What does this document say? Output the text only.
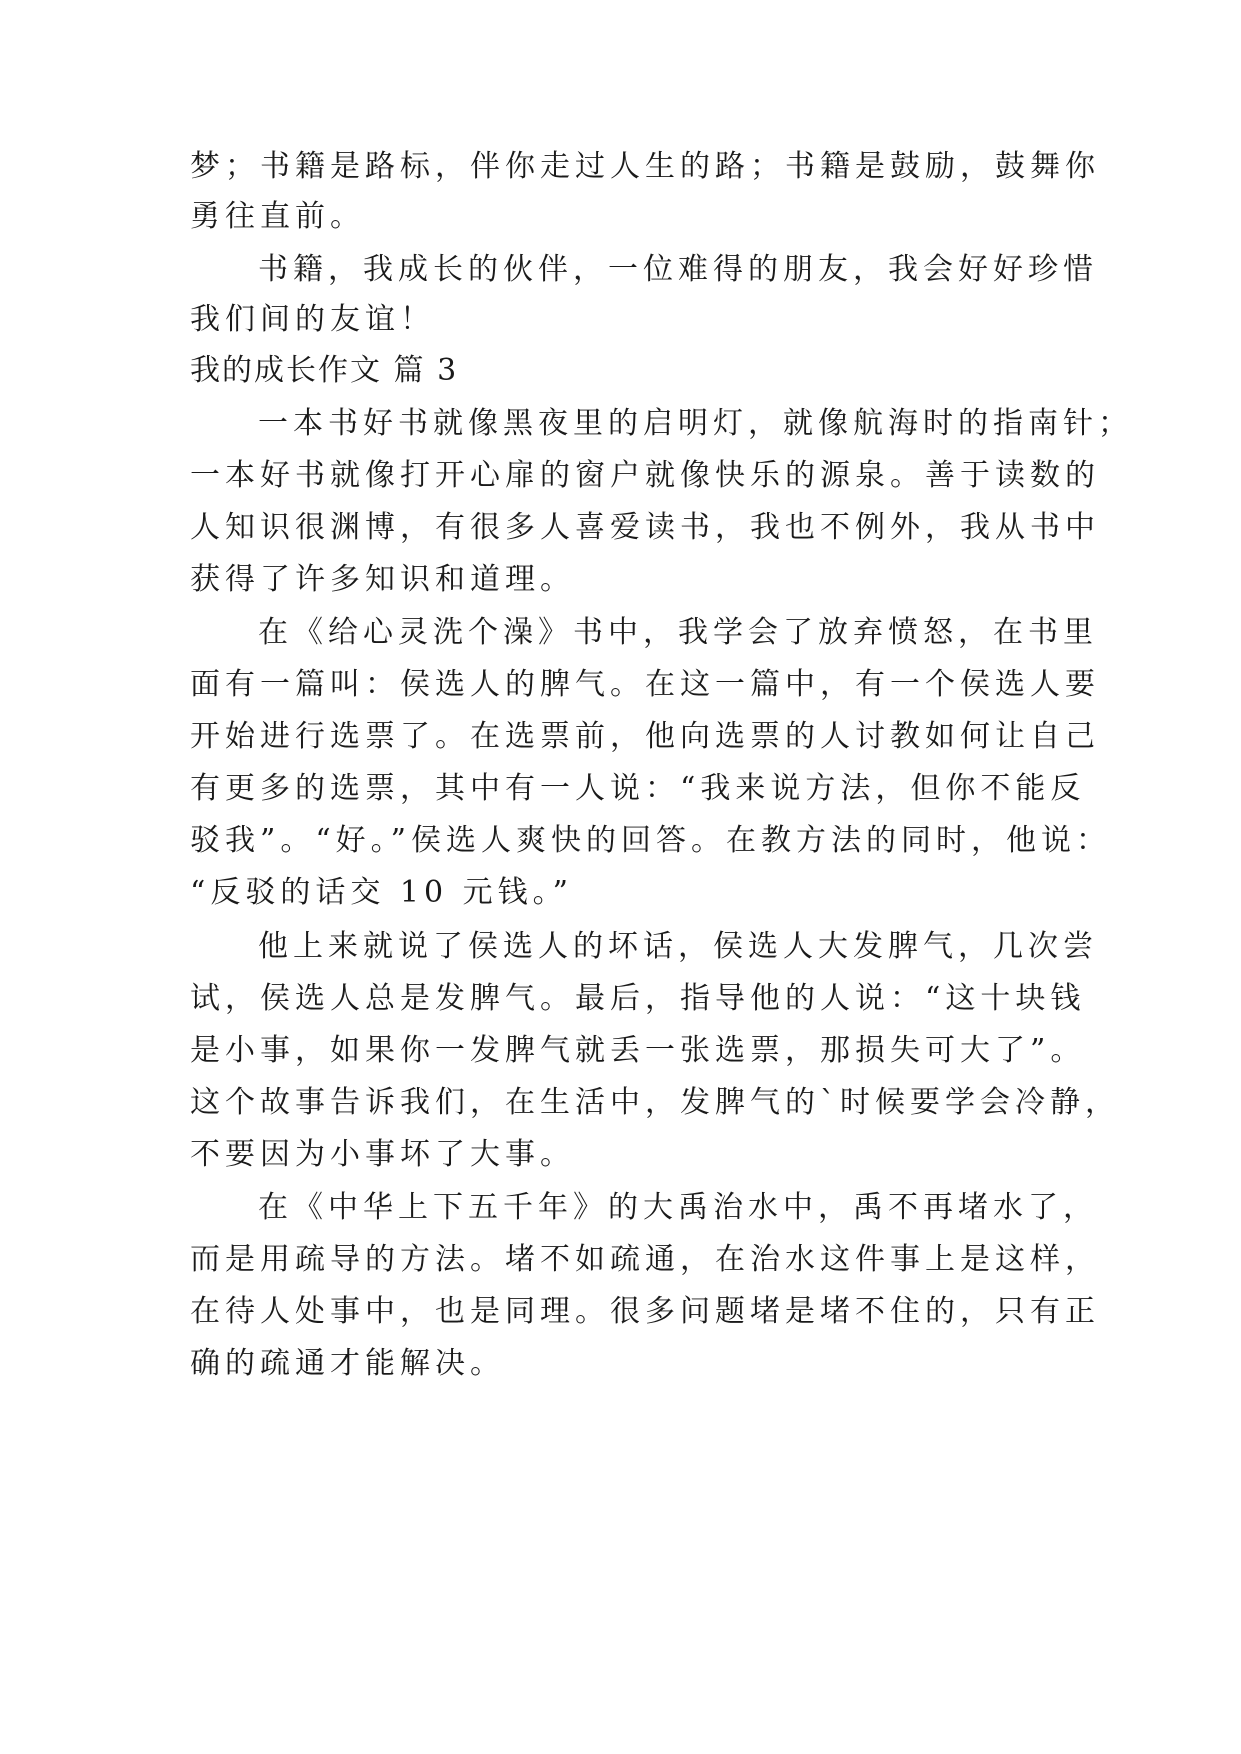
梦；书籍是路标，伴你走过人生的路；书籍是鼓励，鼓舞你
勇往直前。
书籍，我成长的伙伴，一位难得的朋友，我会好好珍惜
我们间的友谊！
我的成长作文 篇 3
一本书好书就像黑夜里的启明灯，就像航海时的指南针；
一本好书就像打开心扉的窗户就像快乐的源泉。善于读数的
人知识很渊博，有很多人喜爱读书，我也不例外，我从书中
获得了许多知识和道理。
在《给心灵洗个澡》书中，我学会了放弃愤怒，在书里
面有一篇叫：侯选人的脾气。在这一篇中，有一个侯选人要
开始进行选票了。在选票前，他向选票的人讨教如何让自己
有更多的选票，其中有一人说：“我来说方法，但你不能反
驳我”。“好。”侯选人爽快的回答。在教方法的同时，他说：
“反驳的话交 10 元钱。”
他上来就说了侯选人的坏话，侯选人大发脾气，几次尝
试，侯选人总是发脾气。最后，指导他的人说：“这十块钱
是小事，如果你一发脾气就丢一张选票，那损失可大了”。
这个故事告诉我们，在生活中，发脾气的`时候要学会冷静，
不要因为小事坏了大事。
在《中华上下五千年》的大禹治水中，禹不再堵水了，
而是用疏导的方法。堵不如疏通，在治水这件事上是这样，
在待人处事中，也是同理。很多问题堵是堵不住的，只有正
确的疏通才能解决。
